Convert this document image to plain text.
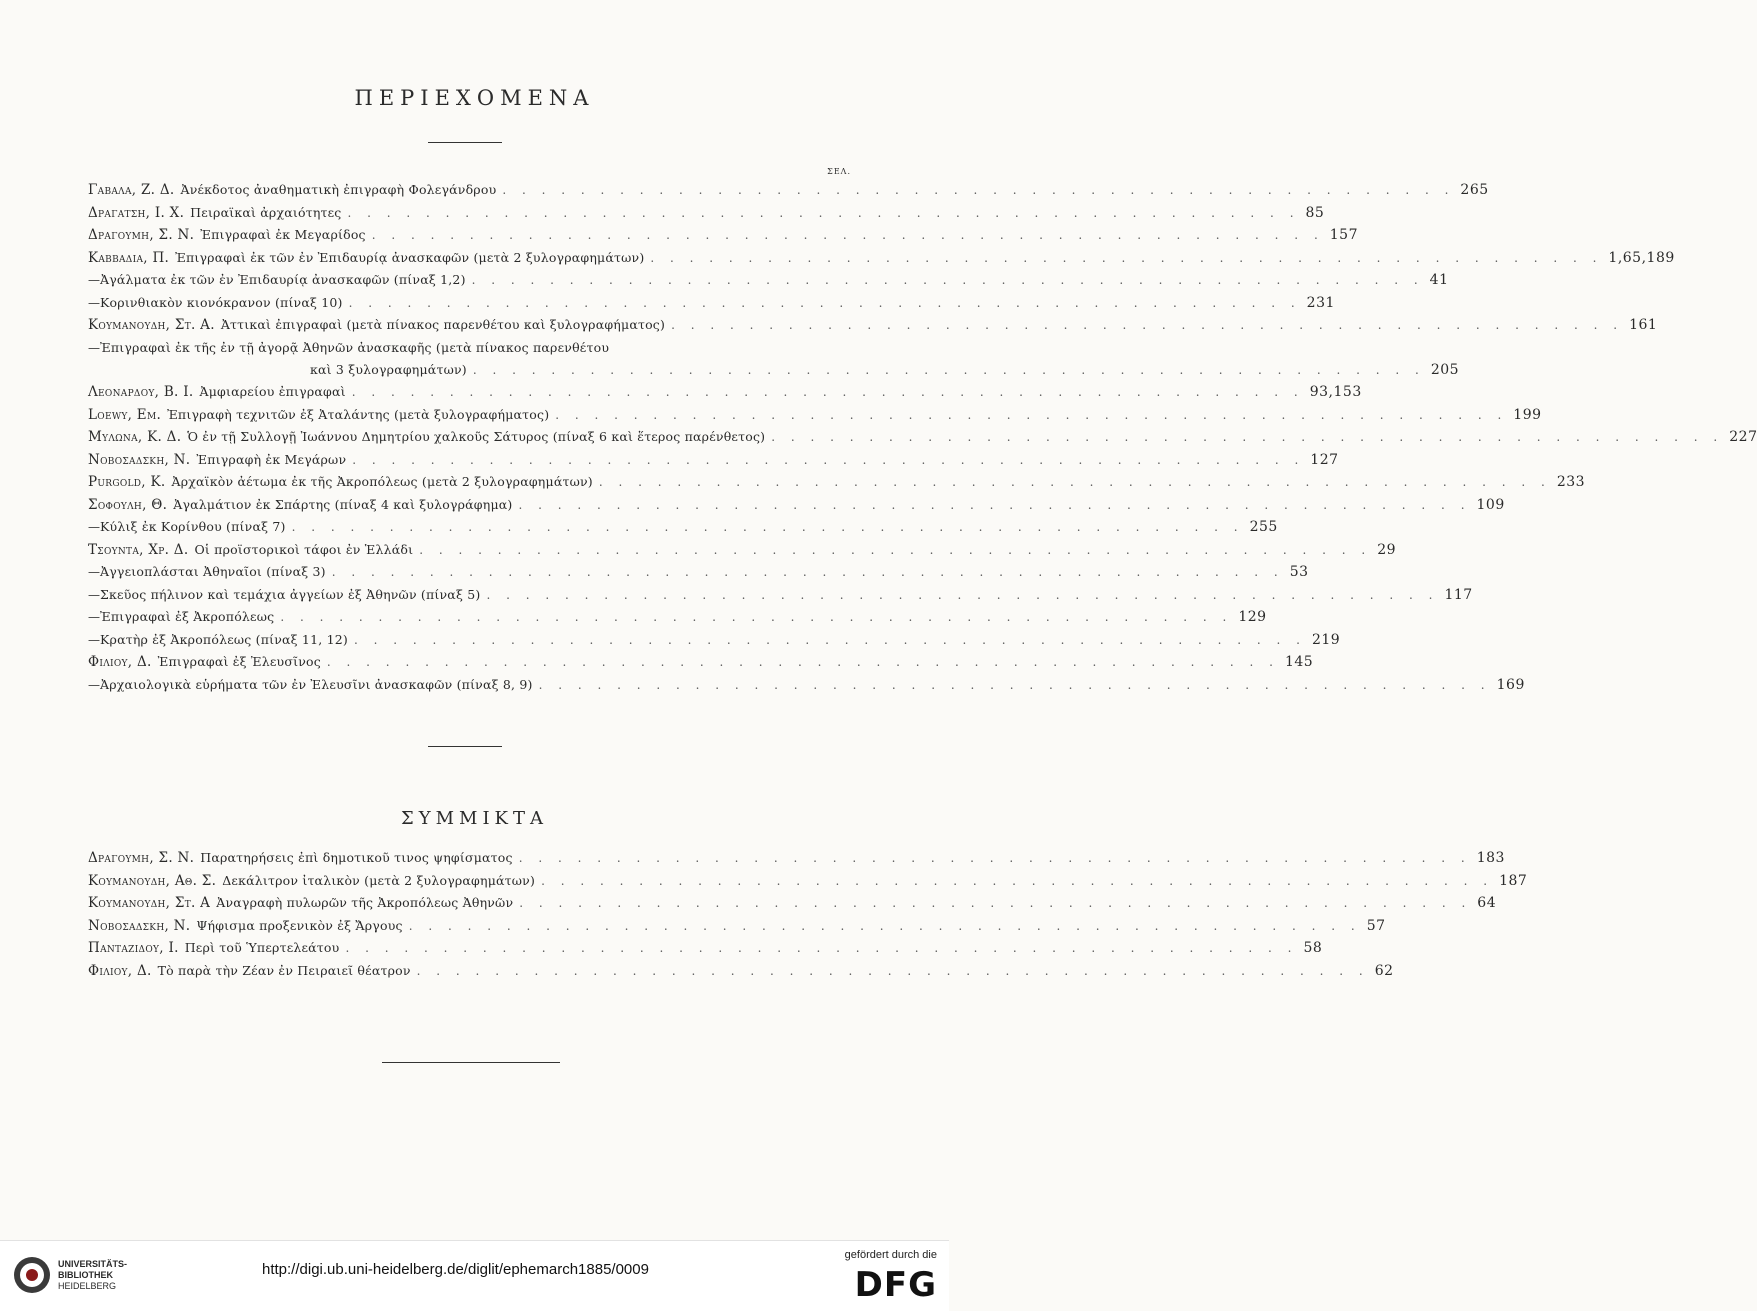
ΠΕΡΙΕΧΟΜΕΝΑ
ΣΕΛ.
Γαβαλα, Ζ. Δ. Ἀνέκδοτος ἀναθηματικὴ ἐπιγραφὴ Φολεγάνδρου . . . . . . . . . . . . . . . . . . . . . . . . . . . . . . . . . . . . . . . . . . . . . . . . . 265
Δραγατση, Ι. Χ. Πειραϊκαὶ ἀρχαιότητες . . . . . . . . . . . . . . . . . . . . . . . . . . . . . . . . . . . . . . . . . . . . . . . . . 85
Δραγουμη, Σ. Ν. Ἐπιγραφαὶ ἐκ Μεγαρίδος . . . . . . . . . . . . . . . . . . . . . . . . . . . . . . . . . . . . . . . . . . . . . . . . . 157
Καββαδια, Π. Ἐπιγραφαὶ ἐκ τῶν ἐν Ἐπιδαυρίᾳ ἀνασκαφῶν (μετὰ 2 ξυλογραφημάτων) . . . . . . . . . . . . . . . . . . . . . . . . . . . . . . . . . . . . . . . . . . . . . . . . . 1,65,189
— Ἀγάλματα ἐκ τῶν ἐν Ἐπιδαυρίᾳ ἀνασκαφῶν (πίναξ 1,2) . . . . . . . . . . . . . . . . . . . . . . . . . . . . . . . . . . . . . . . . . . . . . . . . . 41
— Κορινθιακὸν κιονόκρανον (πίναξ 10) . . . . . . . . . . . . . . . . . . . . . . . . . . . . . . . . . . . . . . . . . . . . . . . . . 231
Κουμανουδη, Στ. Α. Ἀττικαὶ ἐπιγραφαὶ (μετὰ πίνακος παρενθέτου καὶ ξυλογραφήματος) . . . . . . . . . . . . . . . . . . . . . . . . . . . . . . . . . . . . . . . . . . . . . . . . . 161
— Ἐπιγραφαὶ ἐκ τῆς ἐν τῇ ἀγορᾷ Ἀθηνῶν ἀνασκαφῆς (μετὰ πίνακος παρενθέτου
καὶ 3 ξυλογραφημάτων) . . . . . . . . . . . . . . . . . . . . . . . . . . . . . . . . . . . . . . . . . . . . . . . . . 205
Λεοναρδου, Β. Ι. Ἀμφιαρείου ἐπιγραφαὶ . . . . . . . . . . . . . . . . . . . . . . . . . . . . . . . . . . . . . . . . . . . . . . . . . 93,153
Loewy, Em. Ἐπιγραφὴ τεχνιτῶν ἐξ Ἀταλάντης (μετὰ ξυλογραφήματος) . . . . . . . . . . . . . . . . . . . . . . . . . . . . . . . . . . . . . . . . . . . . . . . . . 199
Μυλωνα, Κ. Δ. Ὁ ἐν τῇ Συλλογῇ Ἰωάννου Δημητρίου χαλκοῦς Σάτυρος (πίναξ 6 καὶ ἕτερος παρένθετος) . . . . . . . . . . . . . . . . . . . . . . . . . . . . . . . . . . . . . . . . . . . . . . . . . 227
Νοβοσαδσκη, Ν. Ἐπιγραφὴ ἐκ Μεγάρων . . . . . . . . . . . . . . . . . . . . . . . . . . . . . . . . . . . . . . . . . . . . . . . . . 127
Purgold, K. Ἀρχαϊκὸν ἀέτωμα ἐκ τῆς Ἀκροπόλεως (μετὰ 2 ξυλογραφημάτων) . . . . . . . . . . . . . . . . . . . . . . . . . . . . . . . . . . . . . . . . . . . . . . . . . 233
Σοφουλη, Θ. Ἀγαλμάτιον ἐκ Σπάρτης (πίναξ 4 καὶ ξυλογράφημα) . . . . . . . . . . . . . . . . . . . . . . . . . . . . . . . . . . . . . . . . . . . . . . . . . 109
— Κύλιξ ἐκ Κορίνθου (πίναξ 7) . . . . . . . . . . . . . . . . . . . . . . . . . . . . . . . . . . . . . . . . . . . . . . . . . 255
Τσουντα, Χρ. Δ. Οἱ προϊστορικοὶ τάφοι ἐν Ἑλλάδι . . . . . . . . . . . . . . . . . . . . . . . . . . . . . . . . . . . . . . . . . . . . . . . . . 29
— Ἀγγειοπλάσται Ἀθηναῖοι (πίναξ 3) . . . . . . . . . . . . . . . . . . . . . . . . . . . . . . . . . . . . . . . . . . . . . . . . . 53
— Σκεῦος πήλινον καὶ τεμάχια ἀγγείων ἐξ Ἀθηνῶν (πίναξ 5) . . . . . . . . . . . . . . . . . . . . . . . . . . . . . . . . . . . . . . . . . . . . . . . . . 117
— Ἐπιγραφαὶ ἐξ Ἀκροπόλεως . . . . . . . . . . . . . . . . . . . . . . . . . . . . . . . . . . . . . . . . . . . . . . . . . 129
— Κρατὴρ ἐξ Ἀκροπόλεως (πίναξ 11, 12) . . . . . . . . . . . . . . . . . . . . . . . . . . . . . . . . . . . . . . . . . . . . . . . . . 219
Φιλιου, Δ. Ἐπιγραφαὶ ἐξ Ἐλευσῖνος . . . . . . . . . . . . . . . . . . . . . . . . . . . . . . . . . . . . . . . . . . . . . . . . . 145
— Ἀρχαιολογικὰ εὑρήματα τῶν ἐν Ἐλευσῖνι ἀνασκαφῶν (πίναξ 8, 9) . . . . . . . . . . . . . . . . . . . . . . . . . . . . . . . . . . . . . . . . . . . . . . . . . 169
ΣΥΜΜΙΚΤΑ
Δραγουμη, Σ. Ν. Παρατηρήσεις ἐπὶ δημοτικοῦ τινος ψηφίσματος . . . . . . . . . . . . . . . . . . . . . . . . . . . . . . . . . . . . . . . . . . . . . . . . . 183
Κουμανουδη, Αθ. Σ. Δεκάλιτρον ἰταλικὸν (μετὰ 2 ξυλογραφημάτων) . . . . . . . . . . . . . . . . . . . . . . . . . . . . . . . . . . . . . . . . . . . . . . . . . 187
Κουμανουδη, Στ. Α Ἀναγραφὴ πυλωρῶν τῆς Ἀκροπόλεως Ἀθηνῶν . . . . . . . . . . . . . . . . . . . . . . . . . . . . . . . . . . . . . . . . . . . . . . . . . 64
Νοβοσαδσκη, Ν. Ψήφισμα προξενικὸν ἐξ Ἄργους . . . . . . . . . . . . . . . . . . . . . . . . . . . . . . . . . . . . . . . . . . . . . . . . . 57
Πανταζιδου, Ι. Περὶ τοῦ Ὑπερτελεάτου . . . . . . . . . . . . . . . . . . . . . . . . . . . . . . . . . . . . . . . . . . . . . . . . . 58
Φιλιου, Δ. Τὸ παρὰ τὴν Ζέαν ἐν Πειραιεῖ θέατρον . . . . . . . . . . . . . . . . . . . . . . . . . . . . . . . . . . . . . . . . . . . . . . . . . 62
UNIVERSITÄTS-
BIBLIOTHEK
HEIDELBERG
http://digi.ub.uni-heidelberg.de/diglit/ephemarch1885/0009
gefördert durch die
DFG
